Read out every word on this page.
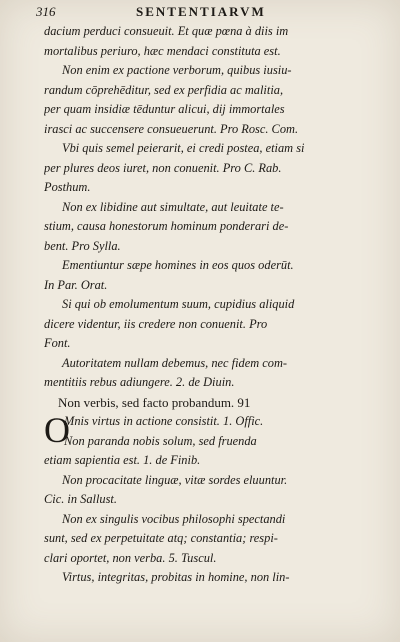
316	SENTENTIARVM
dacium perduci consueuit. Et quæ pœna à diis im
mortalibus periuro, hæc mendaci constituta est.
Non enim ex pactione verborum, quibus iusiu-
randum cōprehēditur, sed ex perfidia ac malitia,
per quam insidiæ tēduntur alicui, dij immortales
irasci ac succensere consueuerunt. Pro Rosc. Com.
Vbi quis semel peierarit, ei credi postea, etiam si
per plures deos iuret, non conuenit. Pro C. Rab.
Posthum.
Non ex libidine aut simultate, aut leuitate te-
stium, causa honestorum hominum ponderari de-
bent. Pro Sylla.
Ementiuntur sæpe homines in eos quos oderūt.
In Par. Orat.
Si qui ob emolumentum suum, cupidius aliquid
dicere videntur, iis credere non conuenit. Pro
Font.
Autoritatem nullam debemus, nec fidem com-
mentitiis rebus adiungere. 2. de Diuin.
Non verbis, sed facto probandum. 91
O
Mnis virtus in actione consistit. 1. Offic.
Non paranda nobis solum, sed fruenda
etiam sapientia est. 1. de Finib.
Non procacitate linguæ, vitæ sordes eluuntur.
Cic. in Sallust.
Non ex singulis vocibus philosophi spectandi
sunt, sed ex perpetuitate atq; constantia; respi-
clari oportet, non verba. 5. Tuscul.
Virtus, integritas, probitas in homine, non lin-
